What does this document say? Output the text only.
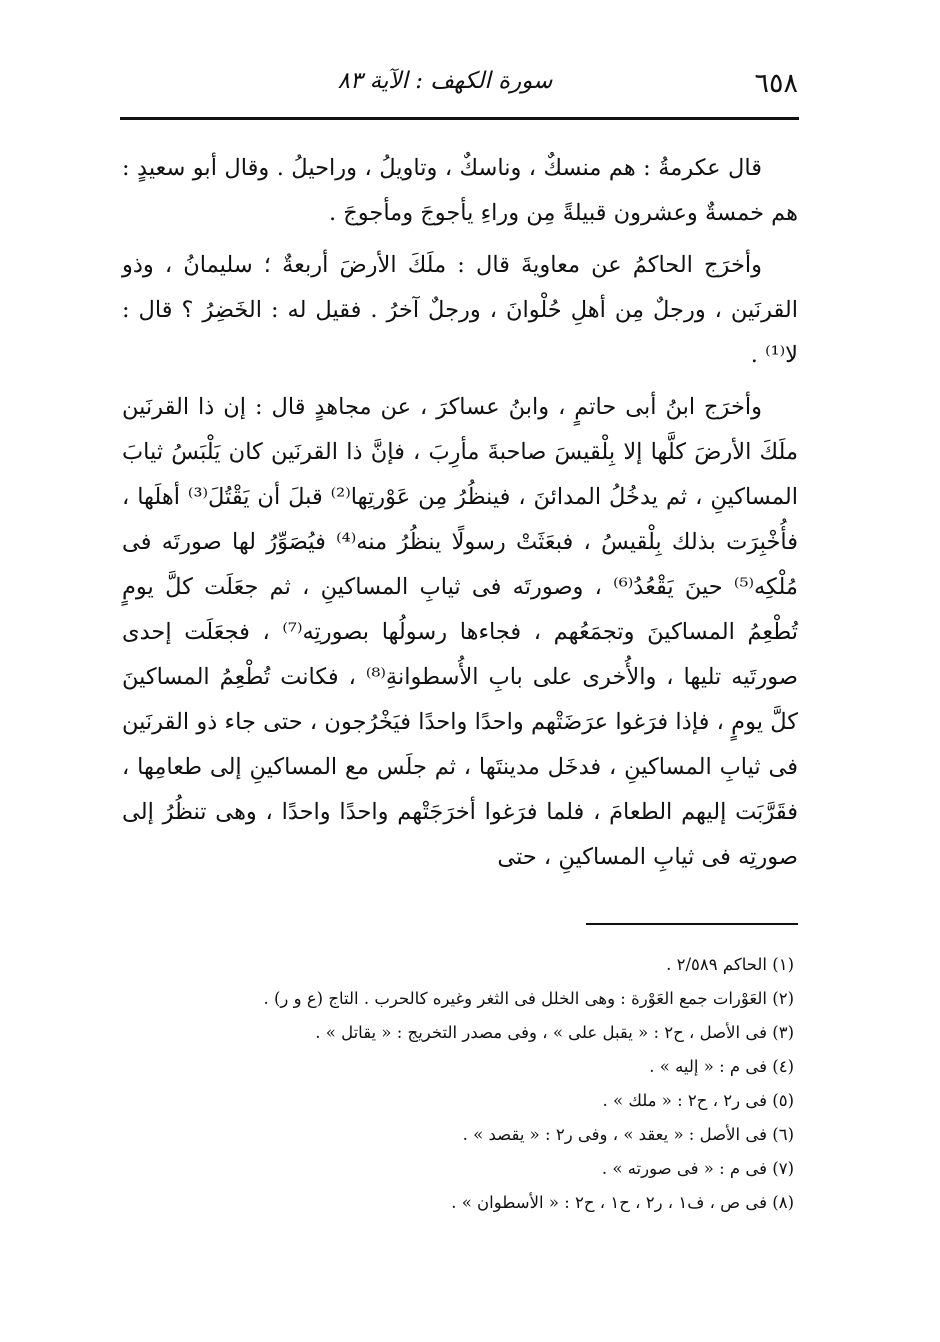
٦٥٨
سورة الكهف : الآية ٨٣

قال عكرمةُ : هم منسكٌ ، وناسكٌ ، وتاويلُ ، وراحيلُ . وقال أبو سعيدٍ : هم خمسةٌ وعشرون قبيلةً مِن وراءِ يأجوجَ ومأجوجَ .

وأخرَج الحاكمُ عن معاويةَ قال : ملَكَ الأرضَ أربعةٌ ؛ سليمانُ ، وذو القرنَين ، ورجلٌ مِن أهلِ حُلْوانَ ، ورجلٌ آخرُ . فقيل له : الخَضِرُ ؟ قال : لا⁽¹⁾ .

وأخرَج ابنُ أبى حاتمٍ ، وابنُ عساكرَ ، عن مجاهدٍ قال : إن ذا القرنَين ملَكَ الأرضَ كلَّها إلا بِلْقيسَ صاحبةَ مأرِبَ ، فإنَّ ذا القرنَين كان يَلْبَسُ ثيابَ المساكينِ ، ثم يدخُلُ المدائنَ ، فينظُرُ مِن عَوْرتِها⁽²⁾ قبلَ أن يَقْتُلَ⁽³⁾ أهلَها ، فأُخْبِرَت بذلك بِلْقيسُ ، فبعَثَتْ رسولًا ينظُرُ منه⁽⁴⁾ فيُصَوِّرُ لها صورتَه فى مُلْكِه⁽⁵⁾ حينَ يَقْعُدُ⁽⁶⁾ ، وصورتَه فى ثيابِ المساكينِ ، ثم جعَلَت كلَّ يومٍ تُطْعِمُ المساكينَ وتجمَعُهم ، فجاءها رسولُها بصورتِه⁽⁷⁾ ، فجعَلَت إحدى صورتَيه تليها ، والأُخرى على بابِ الأُسطوانةِ⁽⁸⁾ ، فكانت تُطْعِمُ المساكينَ كلَّ يومٍ ، فإذا فرَغوا عرَضَتْهم واحدًا واحدًا فيَخْرُجون ، حتى جاء ذو القرنَين فى ثيابِ المساكينِ ، فدخَل مدينتَها ، ثم جلَس مع المساكينِ إلى طعامِها ، فقَرَّبَت إليهم الطعامَ ، فلما فرَغوا أخرَجَتْهم واحدًا واحدًا ، وهى تنظُرُ إلى صورتِه فى ثيابِ المساكينِ ، حتى

(١) الحاكم ٢/٥٨٩ .
(٢) العَوْرات جمع العَوْرة : وهى الخلل فى الثغر وغيره كالحرب . التاج (ع و ر) .
(٣) فى الأصل ، ح٢ : « يقبل على » ، وفى مصدر التخريج : « يقاتل » .
(٤) فى م : « إليه » .
(٥) فى ر٢ ، ح٢ : « ملك » .
(٦) فى الأصل : « يعقد » ، وفى ر٢ : « يقصد » .
(٧) فى م : « فى صورته » .
(٨) فى ص ، ف١ ، ر٢ ، ح١ ، ح٢ : « الأسطوان » .
